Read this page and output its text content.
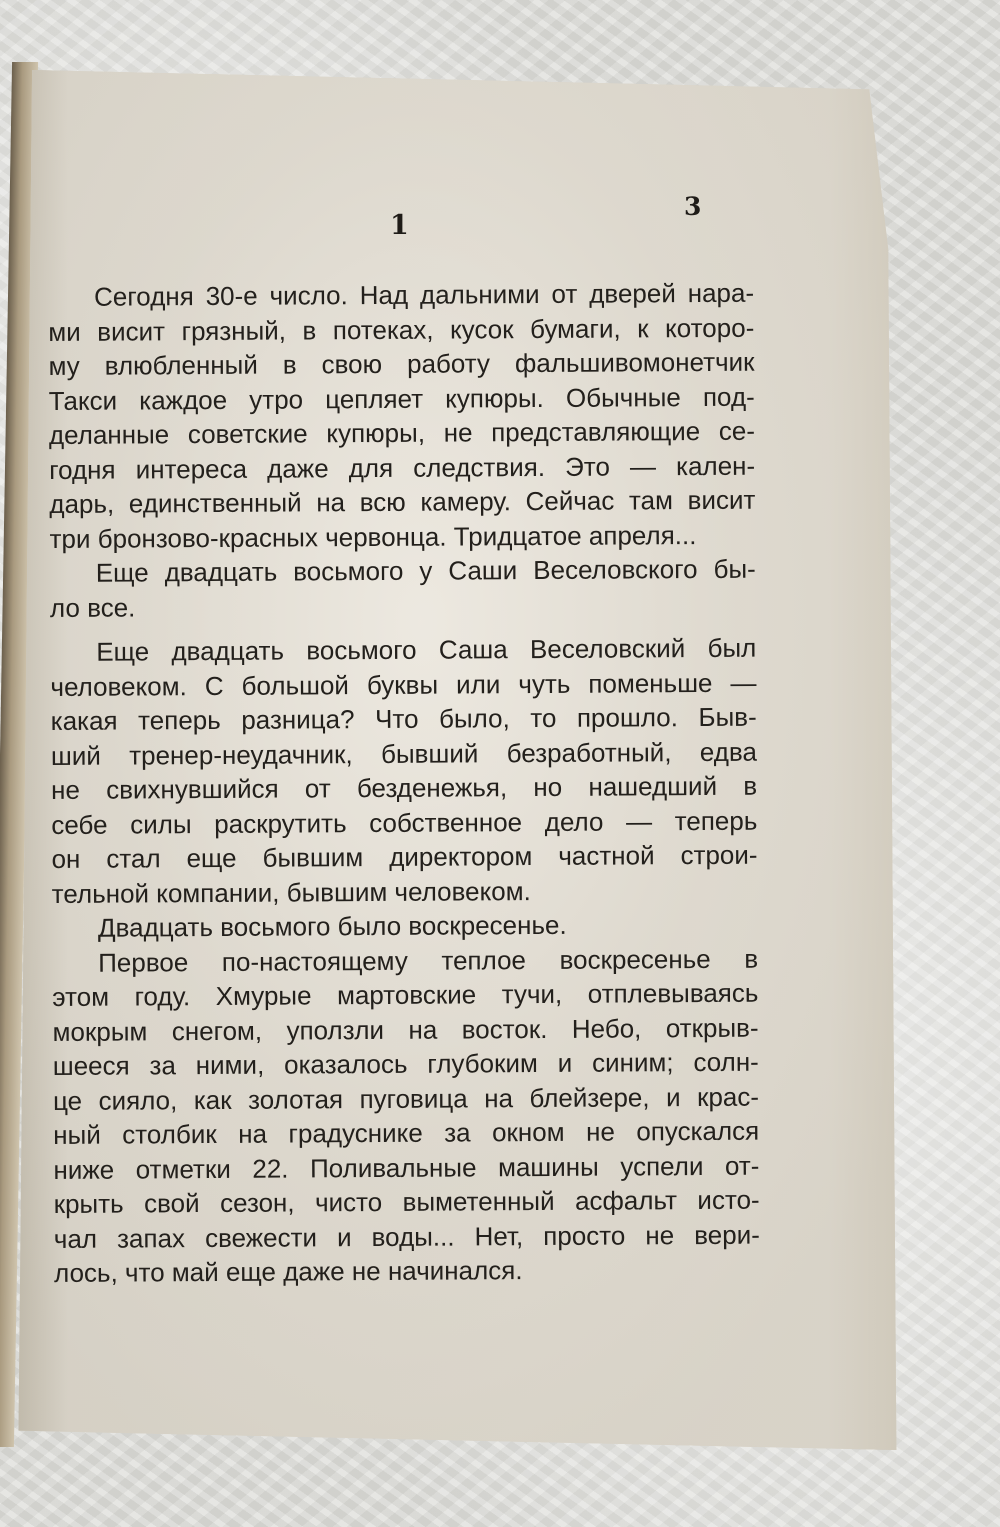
3
1
Сегодня 30-е число. Над дальними от дверей нара-
ми висит грязный, в потеках, кусок бумаги, к которо-
му влюбленный в свою работу фальшивомонетчик
Такси каждое утро цепляет купюры. Обычные под-
деланные советские купюры, не представляющие се-
годня интереса даже для следствия. Это — кален-
дарь, единственный на всю камеру. Сейчас там висит
три бронзово-красных червонца. Тридцатое апреля...
Еще двадцать восьмого у Саши Веселовского бы-
ло все.
Еще двадцать восьмого Саша Веселовский был
человеком. С большой буквы или чуть поменьше —
какая теперь разница? Что было, то прошло. Быв-
ший тренер-неудачник, бывший безработный, едва
не свихнувшийся от безденежья, но нашедший в
себе силы раскрутить собственное дело — теперь
он стал еще бывшим директором частной строи-
тельной компании, бывшим человеком.
Двадцать восьмого было воскресенье.
Первое по-настоящему теплое воскресенье в
этом году. Хмурые мартовские тучи, отплевываясь
мокрым снегом, уползли на восток. Небо, открыв-
шееся за ними, оказалось глубоким и синим; солн-
це сияло, как золотая пуговица на блейзере, и крас-
ный столбик на градуснике за окном не опускался
ниже отметки 22. Поливальные машины успели от-
крыть свой сезон, чисто выметенный асфальт исто-
чал запах свежести и воды... Нет, просто не вери-
лось, что май еще даже не начинался.
